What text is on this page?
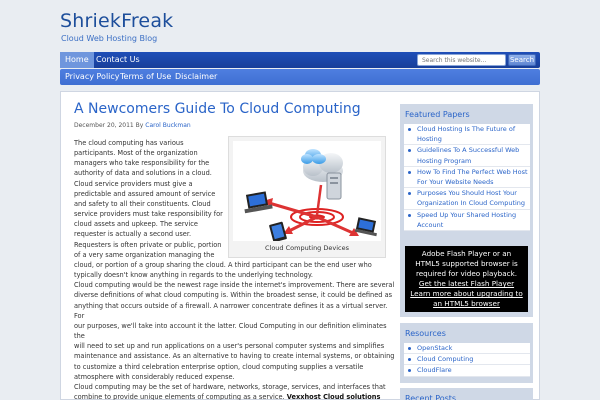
ShriekFreak
Cloud Web Hosting Blog
Home Contact Us
Search this website...	Search
Privacy Policy Terms of Use Disclaimer
A Newcomers Guide To Cloud Computing
December 20, 2011 By Carol Buckman
Cloud Computing Devices
The cloud computing has various
participants. Most of the organization
managers who take responsibility for the
authority of data and solutions in a cloud.
Cloud service providers must give a
predictable and assured amount of service
and safety to all their constituents. Cloud
service providers must take responsibility for
cloud assets and upkeep. The service
requester is actually a second user.
Requesters is often private or public, portion
of a very same organization managing the
cloud, or portion of a group sharing the cloud. A third participant can be the end user who
typically doesn't know anything in regards to the underlying technology.
Cloud computing would be the newest rage inside the internet's improvement. There are several
diverse definitions of what cloud computing is. Within the broadest sense, it could be defined as
anything that occurs outside of a firewall. A narrower concentrate defines it as a virtual server. For
our purposes, we'll take into account it the latter. Cloud Computing in our definition eliminates the
will need to set up and run applications on a user's personal computer systems and simplifies
maintenance and assistance. As an alternative to having to create internal systems, or obtaining
to customize a third celebration enterprise option, cloud computing supplies a versatile
atmosphere with considerably reduced expense.
Cloud computing may be the set of hardware, networks, storage, services, and interfaces that
combine to provide unique elements of computing as a service. Vexxhost Cloud solutions
Featured Papers
Cloud Hosting Is The Future of Hosting
Guidelines To A Successful Web Hosting Program
How To Find The Perfect Web Host For Your Website Needs
Purposes You Should Host Your Organization In Cloud Computing
Speed Up Your Shared Hosting Account
Adobe Flash Player or an
HTML5 supported browser is
required for video playback.
Get the latest Flash Player
Learn more about upgrading to
an HTML5 browser
Resources
OpenStack
Cloud Computing
CloudFlare
Recent Posts
